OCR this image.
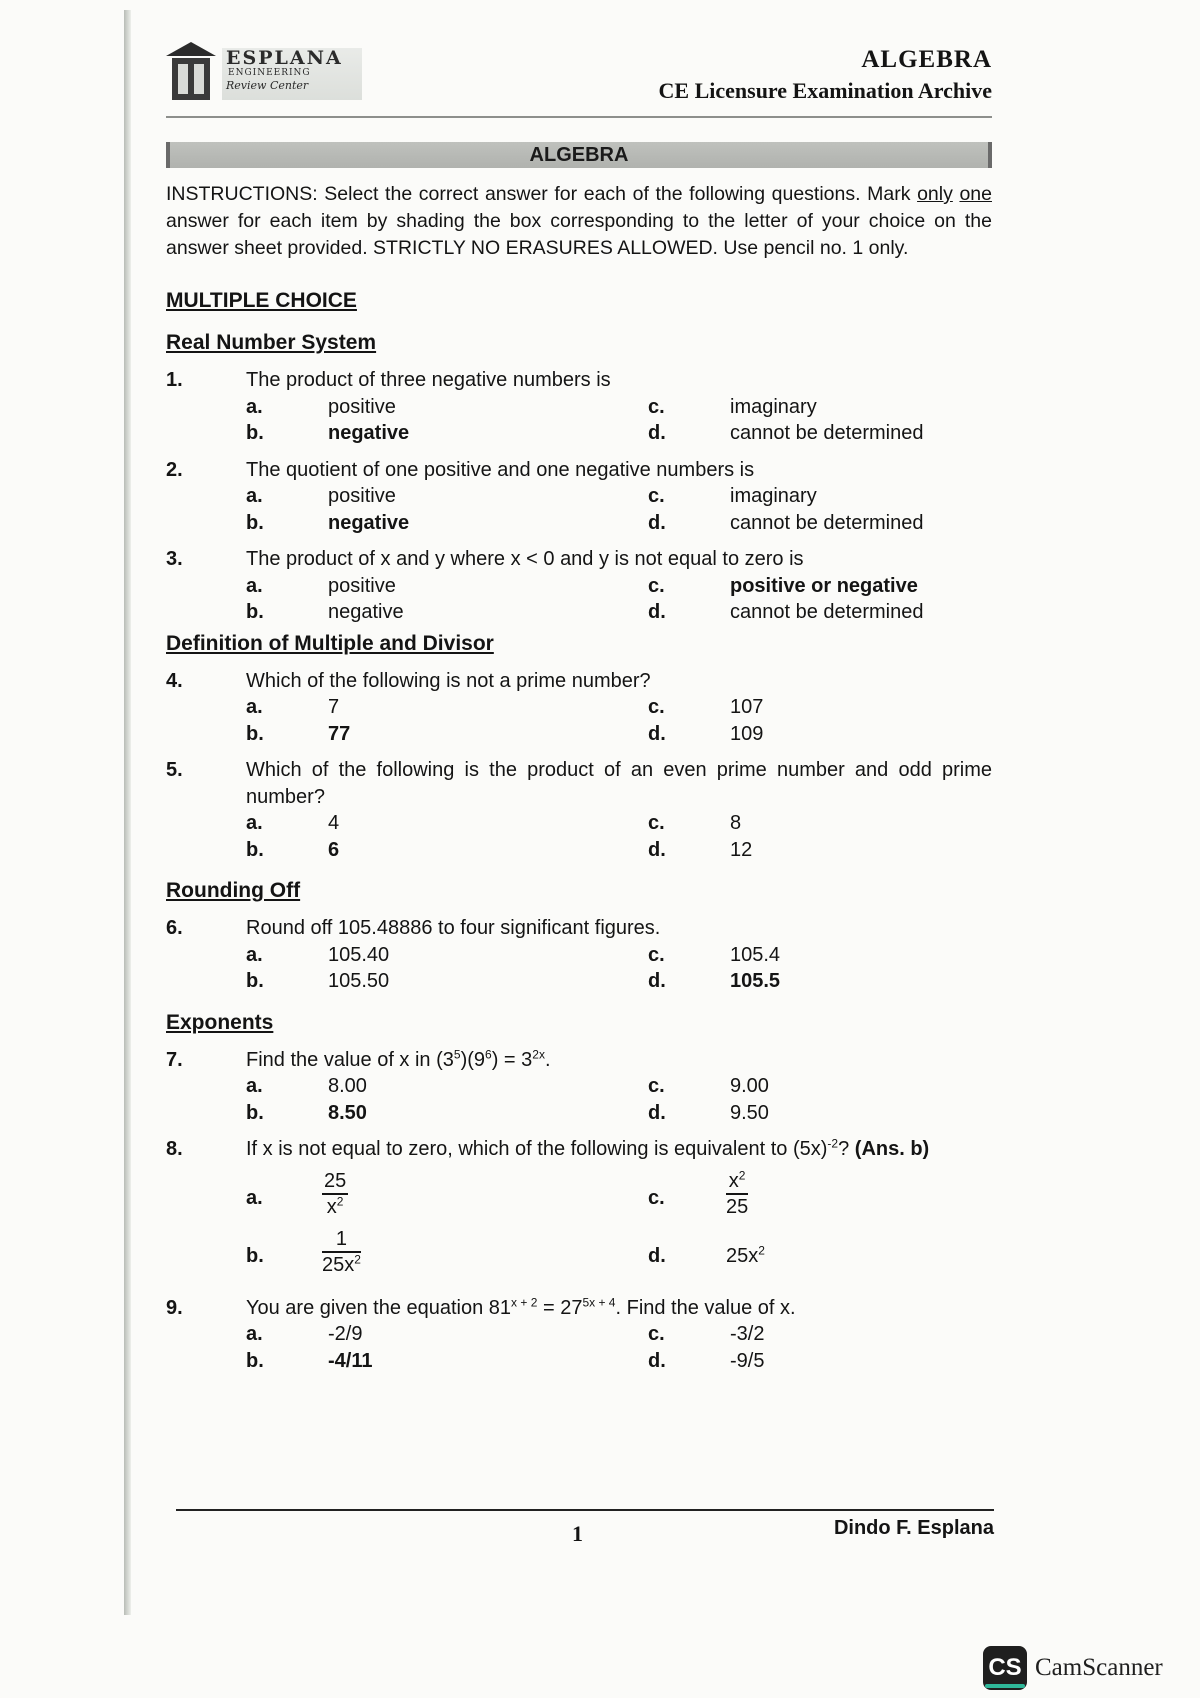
ESPLANA
ENGINEERING
Review Center
ALGEBRA
CE Licensure Examination Archive
ALGEBRA
INSTRUCTIONS: Select the correct answer for each of the following questions. Mark only one answer for each item by shading the box corresponding to the letter of your choice on the answer sheet provided. STRICTLY NO ERASURES ALLOWED. Use pencil no. 1 only.
MULTIPLE CHOICE
Real Number System
1.	The product of three negative numbers is
a.	positive	c.	imaginary
b.	negative	d.	cannot be determined
2.	The quotient of one positive and one negative numbers is
a.	positive	c.	imaginary
b.	negative	d.	cannot be determined
3.	The product of x and y where x < 0 and y is not equal to zero is
a.	positive	c.	positive or negative
b.	negative	d.	cannot be determined
Definition of Multiple and Divisor
4.	Which of the following is not a prime number?
a.	7	c.	107
b.	77	d.	109
5.	Which of the following is the product of an even prime number and odd prime number?
a.	4	c.	8
b.	6	d.	12
Rounding Off
6.	Round off 105.48886 to four significant figures.
a.	105.40	c.	105.4
b.	105.50	d.	105.5
Exponents
7.	Find the value of x in $(3^5)(9^6) = 3^{2x}$.
a.	8.00	c.	9.00
b.	8.50	d.	9.50
8.	If x is not equal to zero, which of the following is equivalent to $(5x)^{-2}$? (Ans. b)
a.	$\frac{25}{x^2}$	c.	$\frac{x^2}{25}$
b.	$\frac{1}{25x^2}$	d.	$25x^2$
9.	You are given the equation $81^{x + 2} = 27^{5x + 4}$. Find the value of x.
a.	-2/9	c.	-3/2
b.	-4/11	d.	-9/5
1	Dindo F. Esplana
CS CamScanner
